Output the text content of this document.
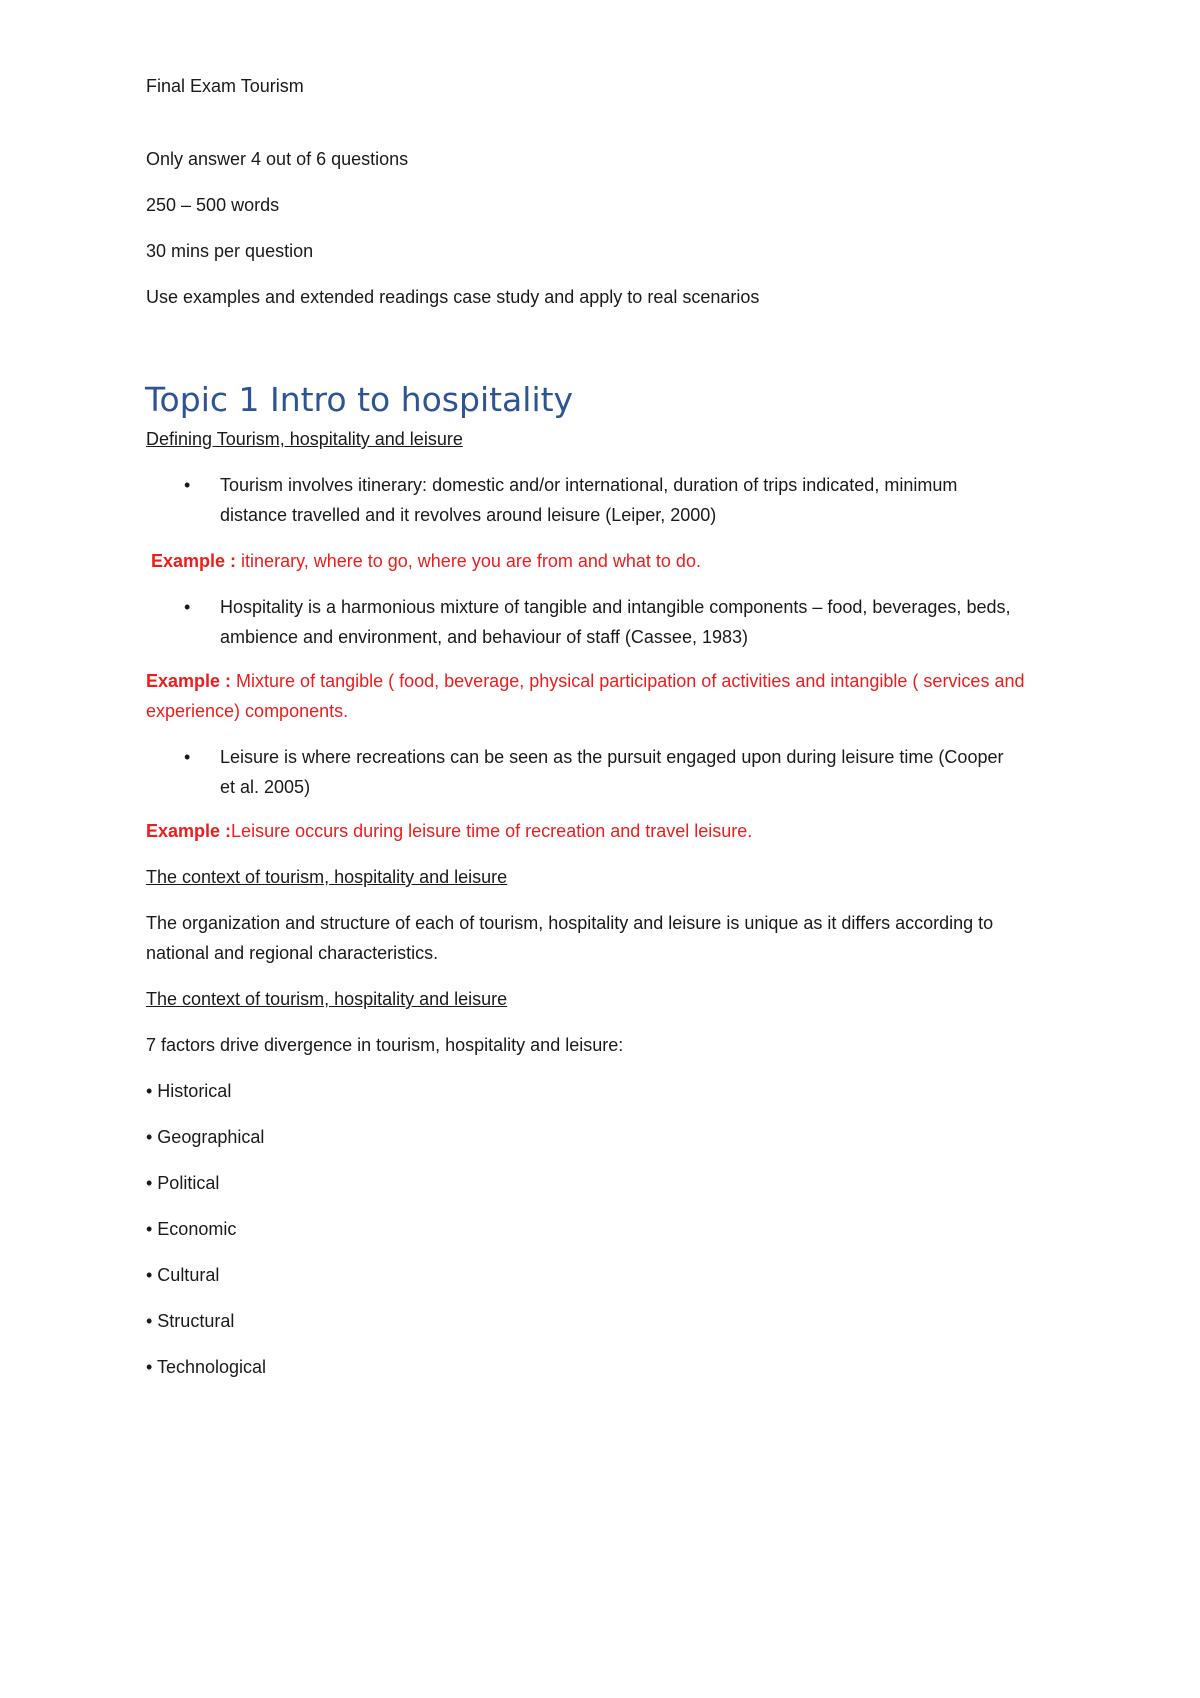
Final Exam Tourism

Only answer 4 out of 6 questions

250 – 500 words

30 mins per question

Use examples and extended readings case study and apply to real scenarios

Topic 1 Intro to hospitality

Defining Tourism, hospitality and leisure

• Tourism involves itinerary: domestic and/or international, duration of trips indicated, minimum distance travelled and it revolves around leisure (Leiper, 2000)

Example : itinerary, where to go, where you are from and what to do.

• Hospitality is a harmonious mixture of tangible and intangible components – food, beverages, beds, ambience and environment, and behaviour of staff (Cassee, 1983)

Example : Mixture of tangible ( food, beverage, physical participation of activities and intangible ( services and experience) components.

• Leisure is where recreations can be seen as the pursuit engaged upon during leisure time (Cooper et al. 2005)

Example :Leisure occurs during leisure time of recreation and travel leisure.

The context of tourism, hospitality and leisure

The organization and structure of each of tourism, hospitality and leisure is unique as it differs according to national and regional characteristics.

The context of tourism, hospitality and leisure

7 factors drive divergence in tourism, hospitality and leisure:

• Historical

• Geographical

• Political

• Economic

• Cultural

• Structural

• Technological
